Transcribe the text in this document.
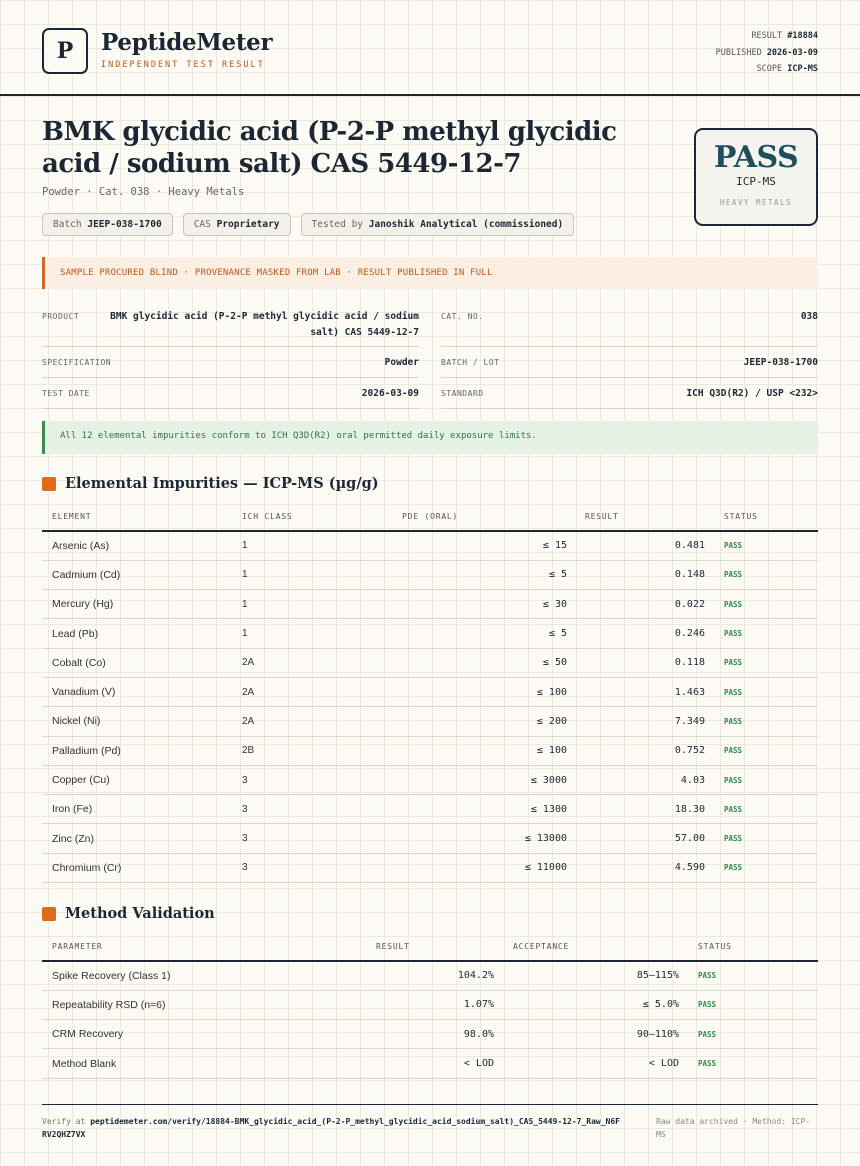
P	PeptideMeter
INDEPENDENT TEST RESULT
RESULT #18884
PUBLISHED 2026-03-09
SCOPE ICP-MS
BMK glycidic acid (P-2-P methyl glycidic acid / sodium salt) CAS 5449-12-7
Powder · Cat. 038 · Heavy Metals
Batch JEEP-038-1700	CAS Proprietary	Tested by Janoshik Analytical (commissioned)
PASS
ICP-MS
HEAVY METALS
SAMPLE PROCURED BLIND · PROVENANCE MASKED FROM LAB · RESULT PUBLISHED IN FULL
PRODUCT	BMK glycidic acid (P-2-P methyl glycidic acid / sodium salt) CAS 5449-12-7
CAT. NO.	038
SPECIFICATION	Powder	BATCH / LOT	JEEP-038-1700
TEST DATE	2026-03-09	STANDARD	ICH Q3D(R2) / USP <232>
All 12 elemental impurities conform to ICH Q3D(R2) oral permitted daily exposure limits.
Elemental Impurities — ICP-MS (µg/g)
ELEMENT	ICH CLASS	PDE (ORAL)	RESULT	STATUS
Arsenic (As)	1	≤ 15	0.481	PASS
Cadmium (Cd)	1	≤ 5	0.148	PASS
Mercury (Hg)	1	≤ 30	0.022	PASS
Lead (Pb)	1	≤ 5	0.246	PASS
Cobalt (Co)	2A	≤ 50	0.118	PASS
Vanadium (V)	2A	≤ 100	1.463	PASS
Nickel (Ni)	2A	≤ 200	7.349	PASS
Palladium (Pd)	2B	≤ 100	0.752	PASS
Copper (Cu)	3	≤ 3000	4.03	PASS
Iron (Fe)	3	≤ 1300	18.30	PASS
Zinc (Zn)	3	≤ 13000	57.00	PASS
Chromium (Cr)	3	≤ 11000	4.590	PASS
Method Validation
PARAMETER	RESULT	ACCEPTANCE	STATUS
Spike Recovery (Class 1)	104.2%	85–115%	PASS
Repeatability RSD (n=6)	1.07%	≤ 5.0%	PASS
CRM Recovery	98.0%	90–110%	PASS
Method Blank	< LOD	< LOD	PASS
Verify at peptidemeter.com/verify/18884-BMK_glycidic_acid_(P-2-P_methyl_glycidic_acid_sodium_salt)_CAS_5449-12-7_Raw_N6FRV2QHZ7VX
Raw data archived · Method: ICP-MS
